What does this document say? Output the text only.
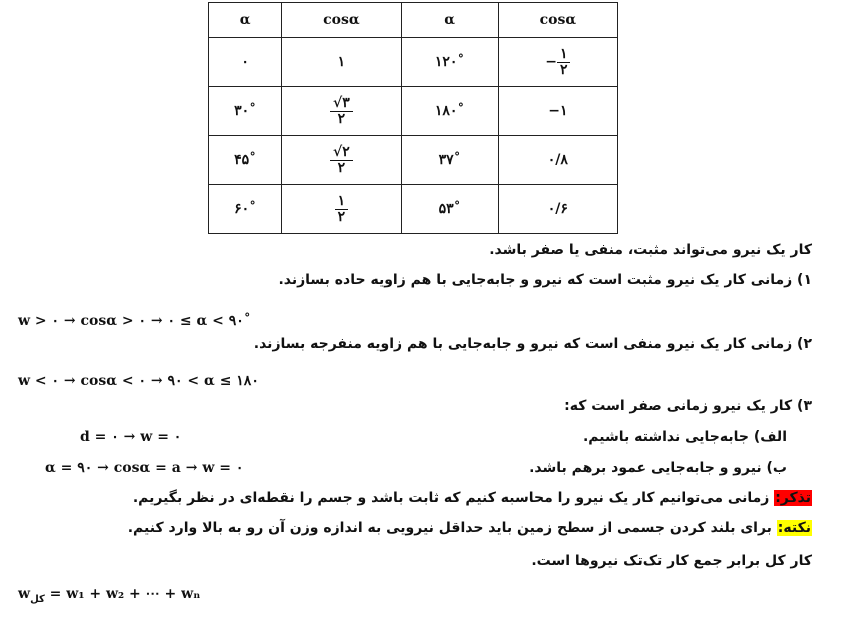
α	cosα	α	cosα
۰	۱	۱۲۰˚	− $\frac{۱}{۲}$

۳۰˚	$\frac{√۳}{۲}$	۱۸۰˚	−۱
۴۵˚	$\frac{√۲}{۲}$	۳۷˚	۰/۸
۶۰˚	$\frac{۱}{۲}$	۵۳˚	۰/۶
کار یک نیرو می‌تواند مثبت، منفی یا صفر باشد.
۱) زمانی کار یک نیرو مثبت است که نیرو و جابه‌جایی با هم زاویه حاده بسازند.
w > ۰ → cosα > ۰ → ۰ ≤ α < ۹۰˚
۲) زمانی کار یک نیرو منفی است که نیرو و جابه‌جایی با هم زاویه منفرجه بسازند.
w < ۰ → cosα < ۰ → ۹۰ < α ≤ ۱۸۰
۳) کار یک نیرو زمانی صفر است که:
الف) جابه‌جایی نداشته باشیم.
d = ۰ → w = ۰
ب) نیرو و جابه‌جایی عمود برهم باشد.
α = ۹۰ → cosα = a → w = ۰
تذکر: زمانی می‌توانیم کار یک نیرو را محاسبه کنیم که ثابت باشد و جسم را نقطه‌ای در نظر بگیریم.
نکته: برای بلند کردن جسمی از سطح زمین باید حداقل نیرویی به اندازه وزن آن رو به بالا وارد کنیم.
کار کل برابر جمع کار تک‌تک نیروها است.
$w_{کل} = w_1 + w_2$ + ⋯ + wₙ
